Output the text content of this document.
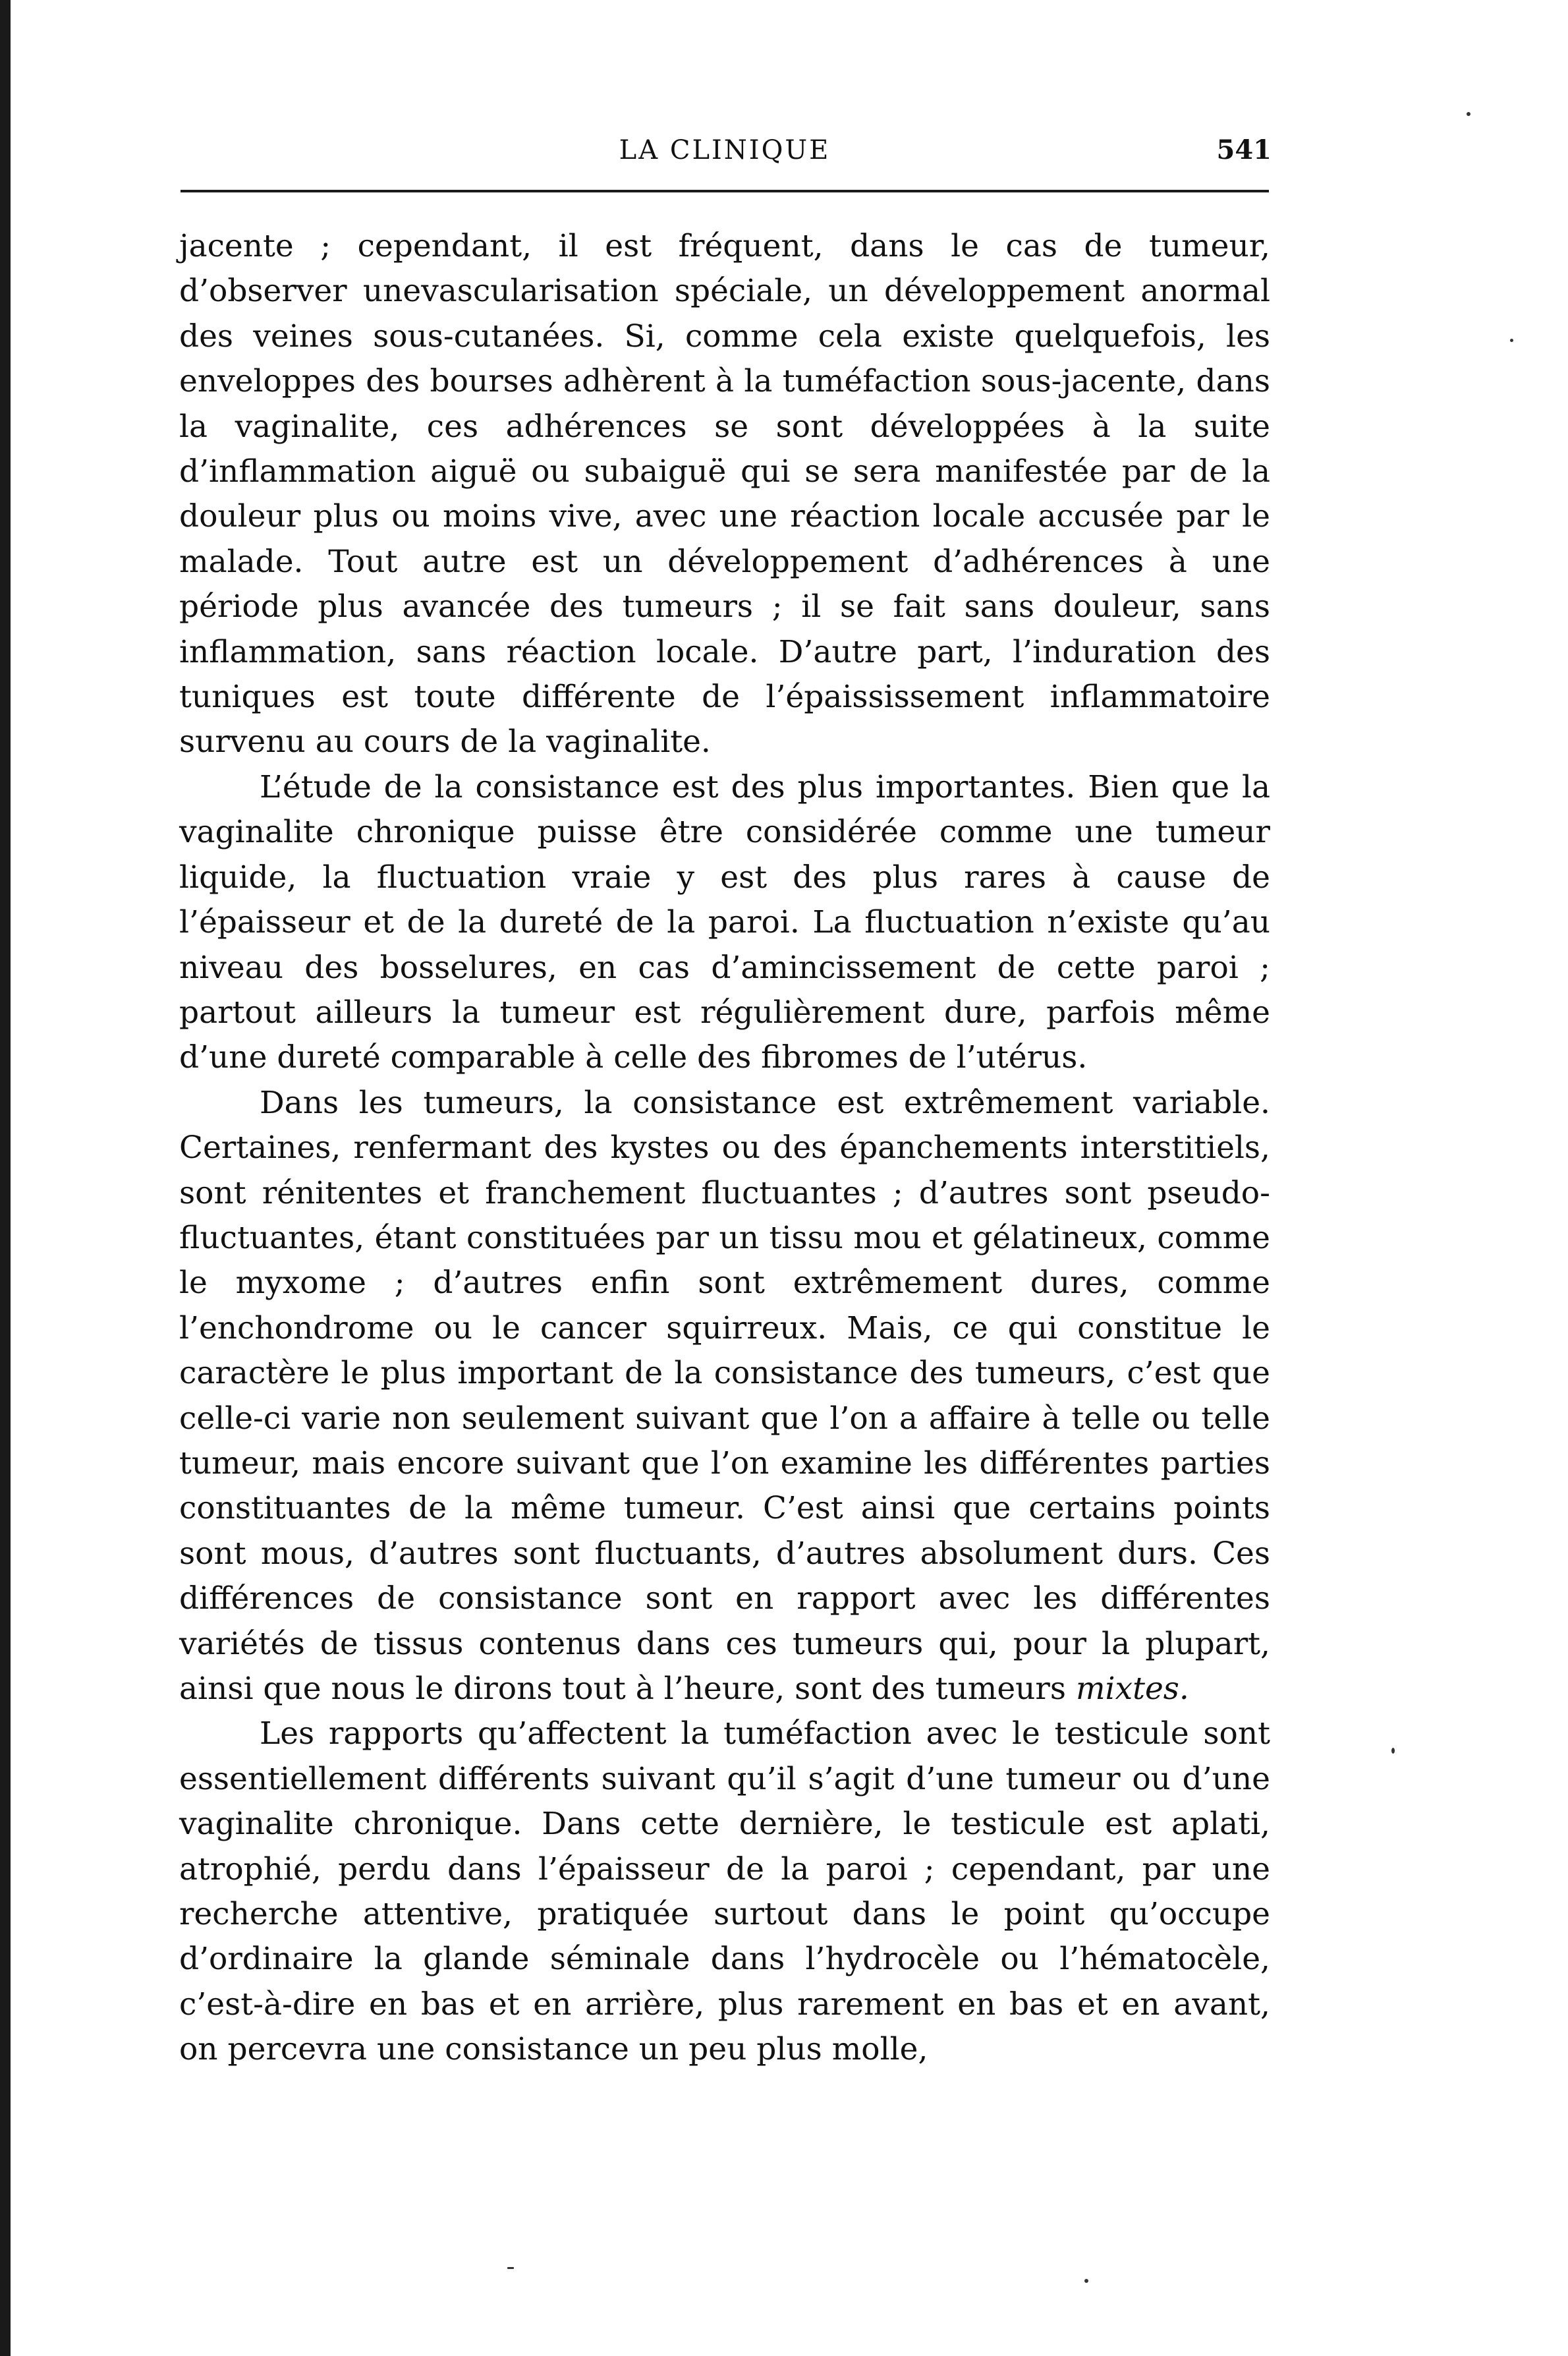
LA CLINIQUE	541

jacente ; cependant, il est fréquent, dans le cas de tumeur, d’observer unevascularisation spéciale, un développement anormal des veines sous-cutanées. Si, comme cela existe quelquefois, les enveloppes des bourses adhèrent à la tuméfaction sous-jacente, dans la vaginalite, ces adhérences se sont développées à la suite d’inflammation aiguë ou subaiguë qui se sera manifestée par de la douleur plus ou moins vive, avec une réaction locale accusée par le malade. Tout autre est un développement d’adhérences à une période plus avancée des tumeurs ; il se fait sans douleur, sans inflammation, sans réaction locale. D’autre part, l’induration des tuniques est toute différente de l’épaississement inflammatoire survenu au cours de la vaginalite.

L’étude de la consistance est des plus importantes. Bien que la vaginalite chronique puisse être considérée comme une tumeur liquide, la fluctuation vraie y est des plus rares à cause de l’épaisseur et de la dureté de la paroi. La fluctuation n’existe qu’au niveau des bosselures, en cas d’amincissement de cette paroi ; partout ailleurs la tumeur est régulièrement dure, parfois même d’une dureté comparable à celle des fibromes de l’utérus.

Dans les tumeurs, la consistance est extrêmement variable. Certaines, renfermant des kystes ou des épanchements interstitiels, sont rénitentes et franchement fluctuantes ; d’autres sont pseudo-fluctuantes, étant constituées par un tissu mou et gélatineux, comme le myxome ; d’autres enfin sont extrêmement dures, comme l’enchondrome ou le cancer squirreux. Mais, ce qui constitue le caractère le plus important de la consistance des tumeurs, c’est que celle-ci varie non seulement suivant que l’on a affaire à telle ou telle tumeur, mais encore suivant que l’on examine les différentes parties constituantes de la même tumeur. C’est ainsi que certains points sont mous, d’autres sont fluctuants, d’autres absolument durs. Ces différences de consistance sont en rapport avec les différentes variétés de tissus contenus dans ces tumeurs qui, pour la plupart, ainsi que nous le dirons tout à l’heure, sont des tumeurs mixtes.

Les rapports qu’affectent la tuméfaction avec le testicule sont essentiellement différents suivant qu’il s’agit d’une tumeur ou d’une vaginalite chronique. Dans cette dernière, le testicule est aplati, atrophié, perdu dans l’épaisseur de la paroi ; cependant, par une recherche attentive, pratiquée surtout dans le point qu’occupe d’ordinaire la glande séminale dans l’hydrocèle ou l’hématocèle, c’est-à-dire en bas et en arrière, plus rarement en bas et en avant, on percevra une consistance un peu plus molle,
